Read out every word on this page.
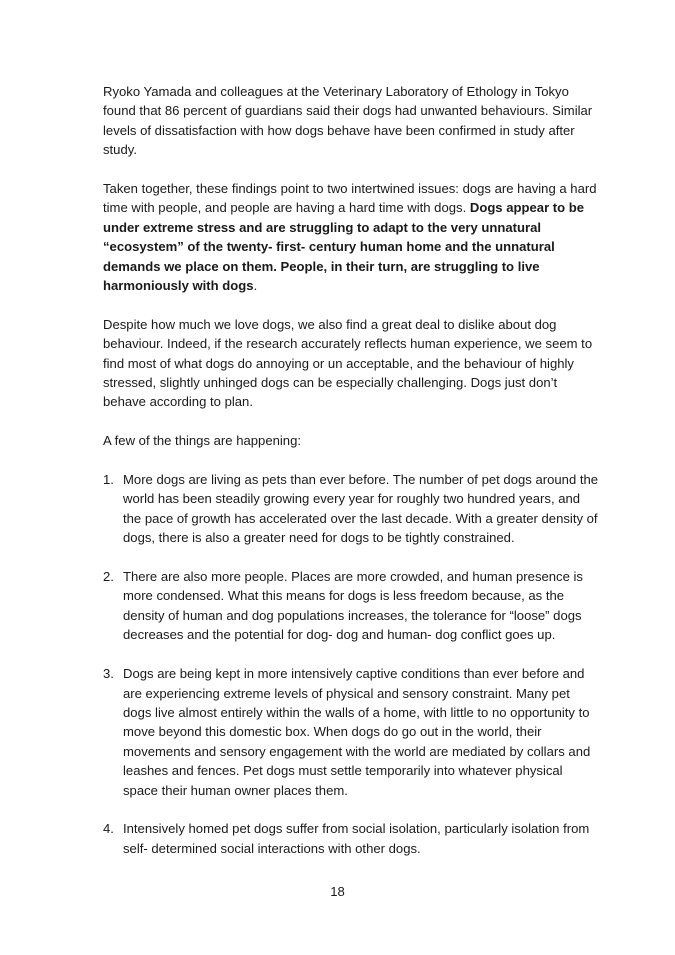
Ryoko Yamada and colleagues at the Veterinary Laboratory of Ethology in Tokyo found that 86 percent of guardians said their dogs had unwanted behaviours. Similar levels of dissatisfaction with how dogs behave have been confirmed in study after study.

Taken together, these findings point to two intertwined issues: dogs are having a hard time with people, and people are having a hard time with dogs. Dogs appear to be under extreme stress and are struggling to adapt to the very unnatural “ecosystem” of the twenty- first- century human home and the unnatural demands we place on them. People, in their turn, are struggling to live harmoniously with dogs.

Despite how much we love dogs, we also find a great deal to dislike about dog behaviour. Indeed, if the research accurately reflects human experience, we seem to find most of what dogs do annoying or un acceptable, and the behaviour of highly stressed, slightly unhinged dogs can be especially challenging. Dogs just don’t behave according to plan.

A few of the things are happening:

1. More dogs are living as pets than ever before. The number of pet dogs around the world has been steadily growing every year for roughly two hundred years, and the pace of growth has accelerated over the last decade. With a greater density of dogs, there is also a greater need for dogs to be tightly constrained.
2. There are also more people. Places are more crowded, and human presence is more condensed. What this means for dogs is less freedom because, as the density of human and dog populations increases, the tolerance for “loose” dogs decreases and the potential for dog- dog and human- dog conflict goes up.
3. Dogs are being kept in more intensively captive conditions than ever before and are experiencing extreme levels of physical and sensory constraint. Many pet dogs live almost entirely within the walls of a home, with little to no opportunity to move beyond this domestic box. When dogs do go out in the world, their movements and sensory engagement with the world are mediated by collars and leashes and fences. Pet dogs must settle temporarily into whatever physical space their human owner places them.
4. Intensively homed pet dogs suffer from social isolation, particularly isolation from self- determined social interactions with other dogs.
18
